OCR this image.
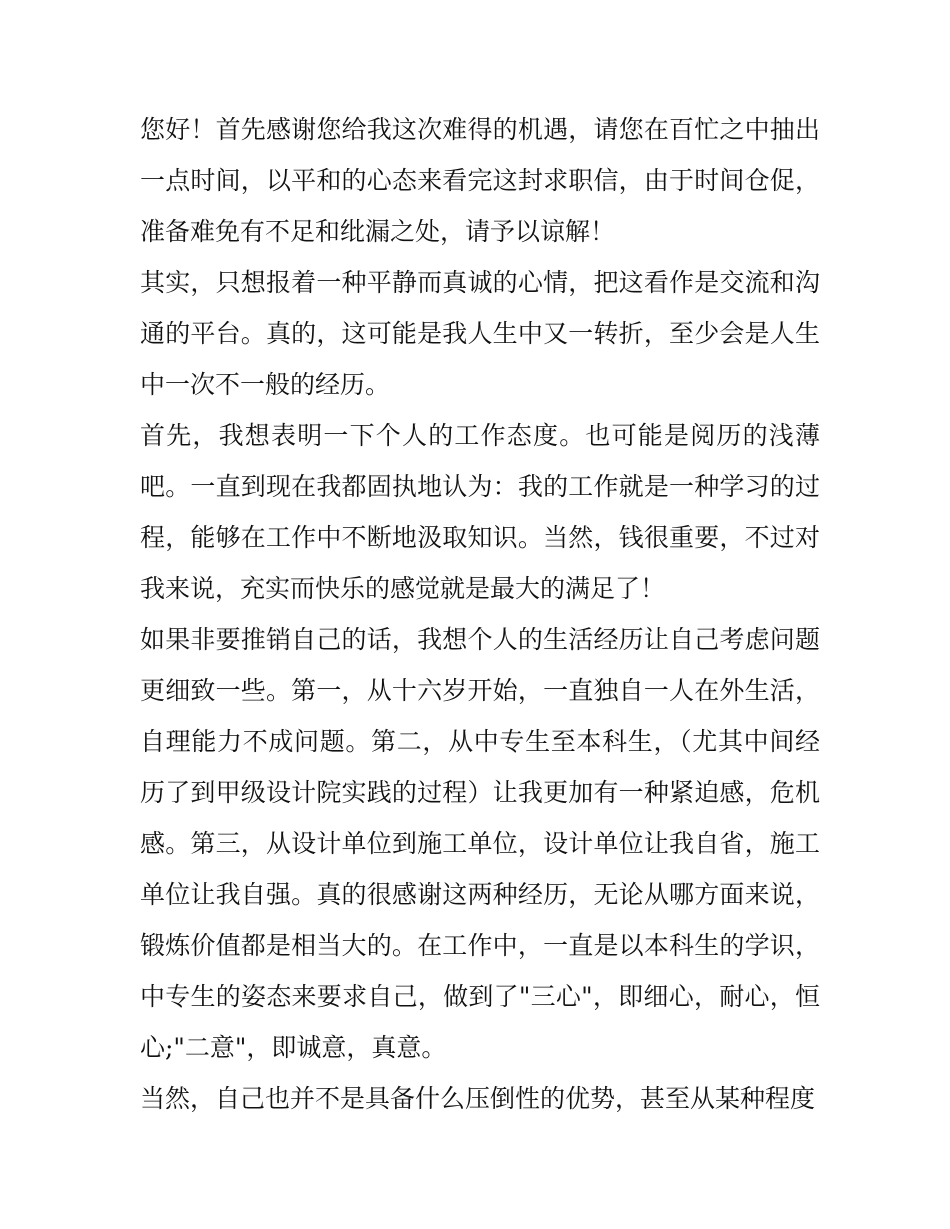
您好！首先感谢您给我这次难得的机遇，请您在百忙之中抽出一点时间，以平和的心态来看完这封求职信，由于时间仓促，准备难免有不足和纰漏之处，请予以谅解！

其实，只想报着一种平静而真诚的心情，把这看作是交流和沟通的平台。真的，这可能是我人生中又一转折，至少会是人生中一次不一般的经历。

首先，我想表明一下个人的工作态度。也可能是阅历的浅薄吧。一直到现在我都固执地认为：我的工作就是一种学习的过程，能够在工作中不断地汲取知识。当然，钱很重要，不过对我来说，充实而快乐的感觉就是最大的满足了！

如果非要推销自己的话，我想个人的生活经历让自己考虑问题更细致一些。第一，从十六岁开始，一直独自一人在外生活，自理能力不成问题。第二，从中专生至本科生，（尤其中间经历了到甲级设计院实践的过程）让我更加有一种紧迫感，危机感。第三，从设计单位到施工单位，设计单位让我自省，施工单位让我自强。真的很感谢这两种经历，无论从哪方面来说，锻炼价值都是相当大的。在工作中，一直是以本科生的学识，中专生的姿态来要求自己，做到了"三心"，即细心，耐心，恒心;"二意"，即诚意，真意。

当然，自己也并不是具备什么压倒性的优势，甚至从某种程度
